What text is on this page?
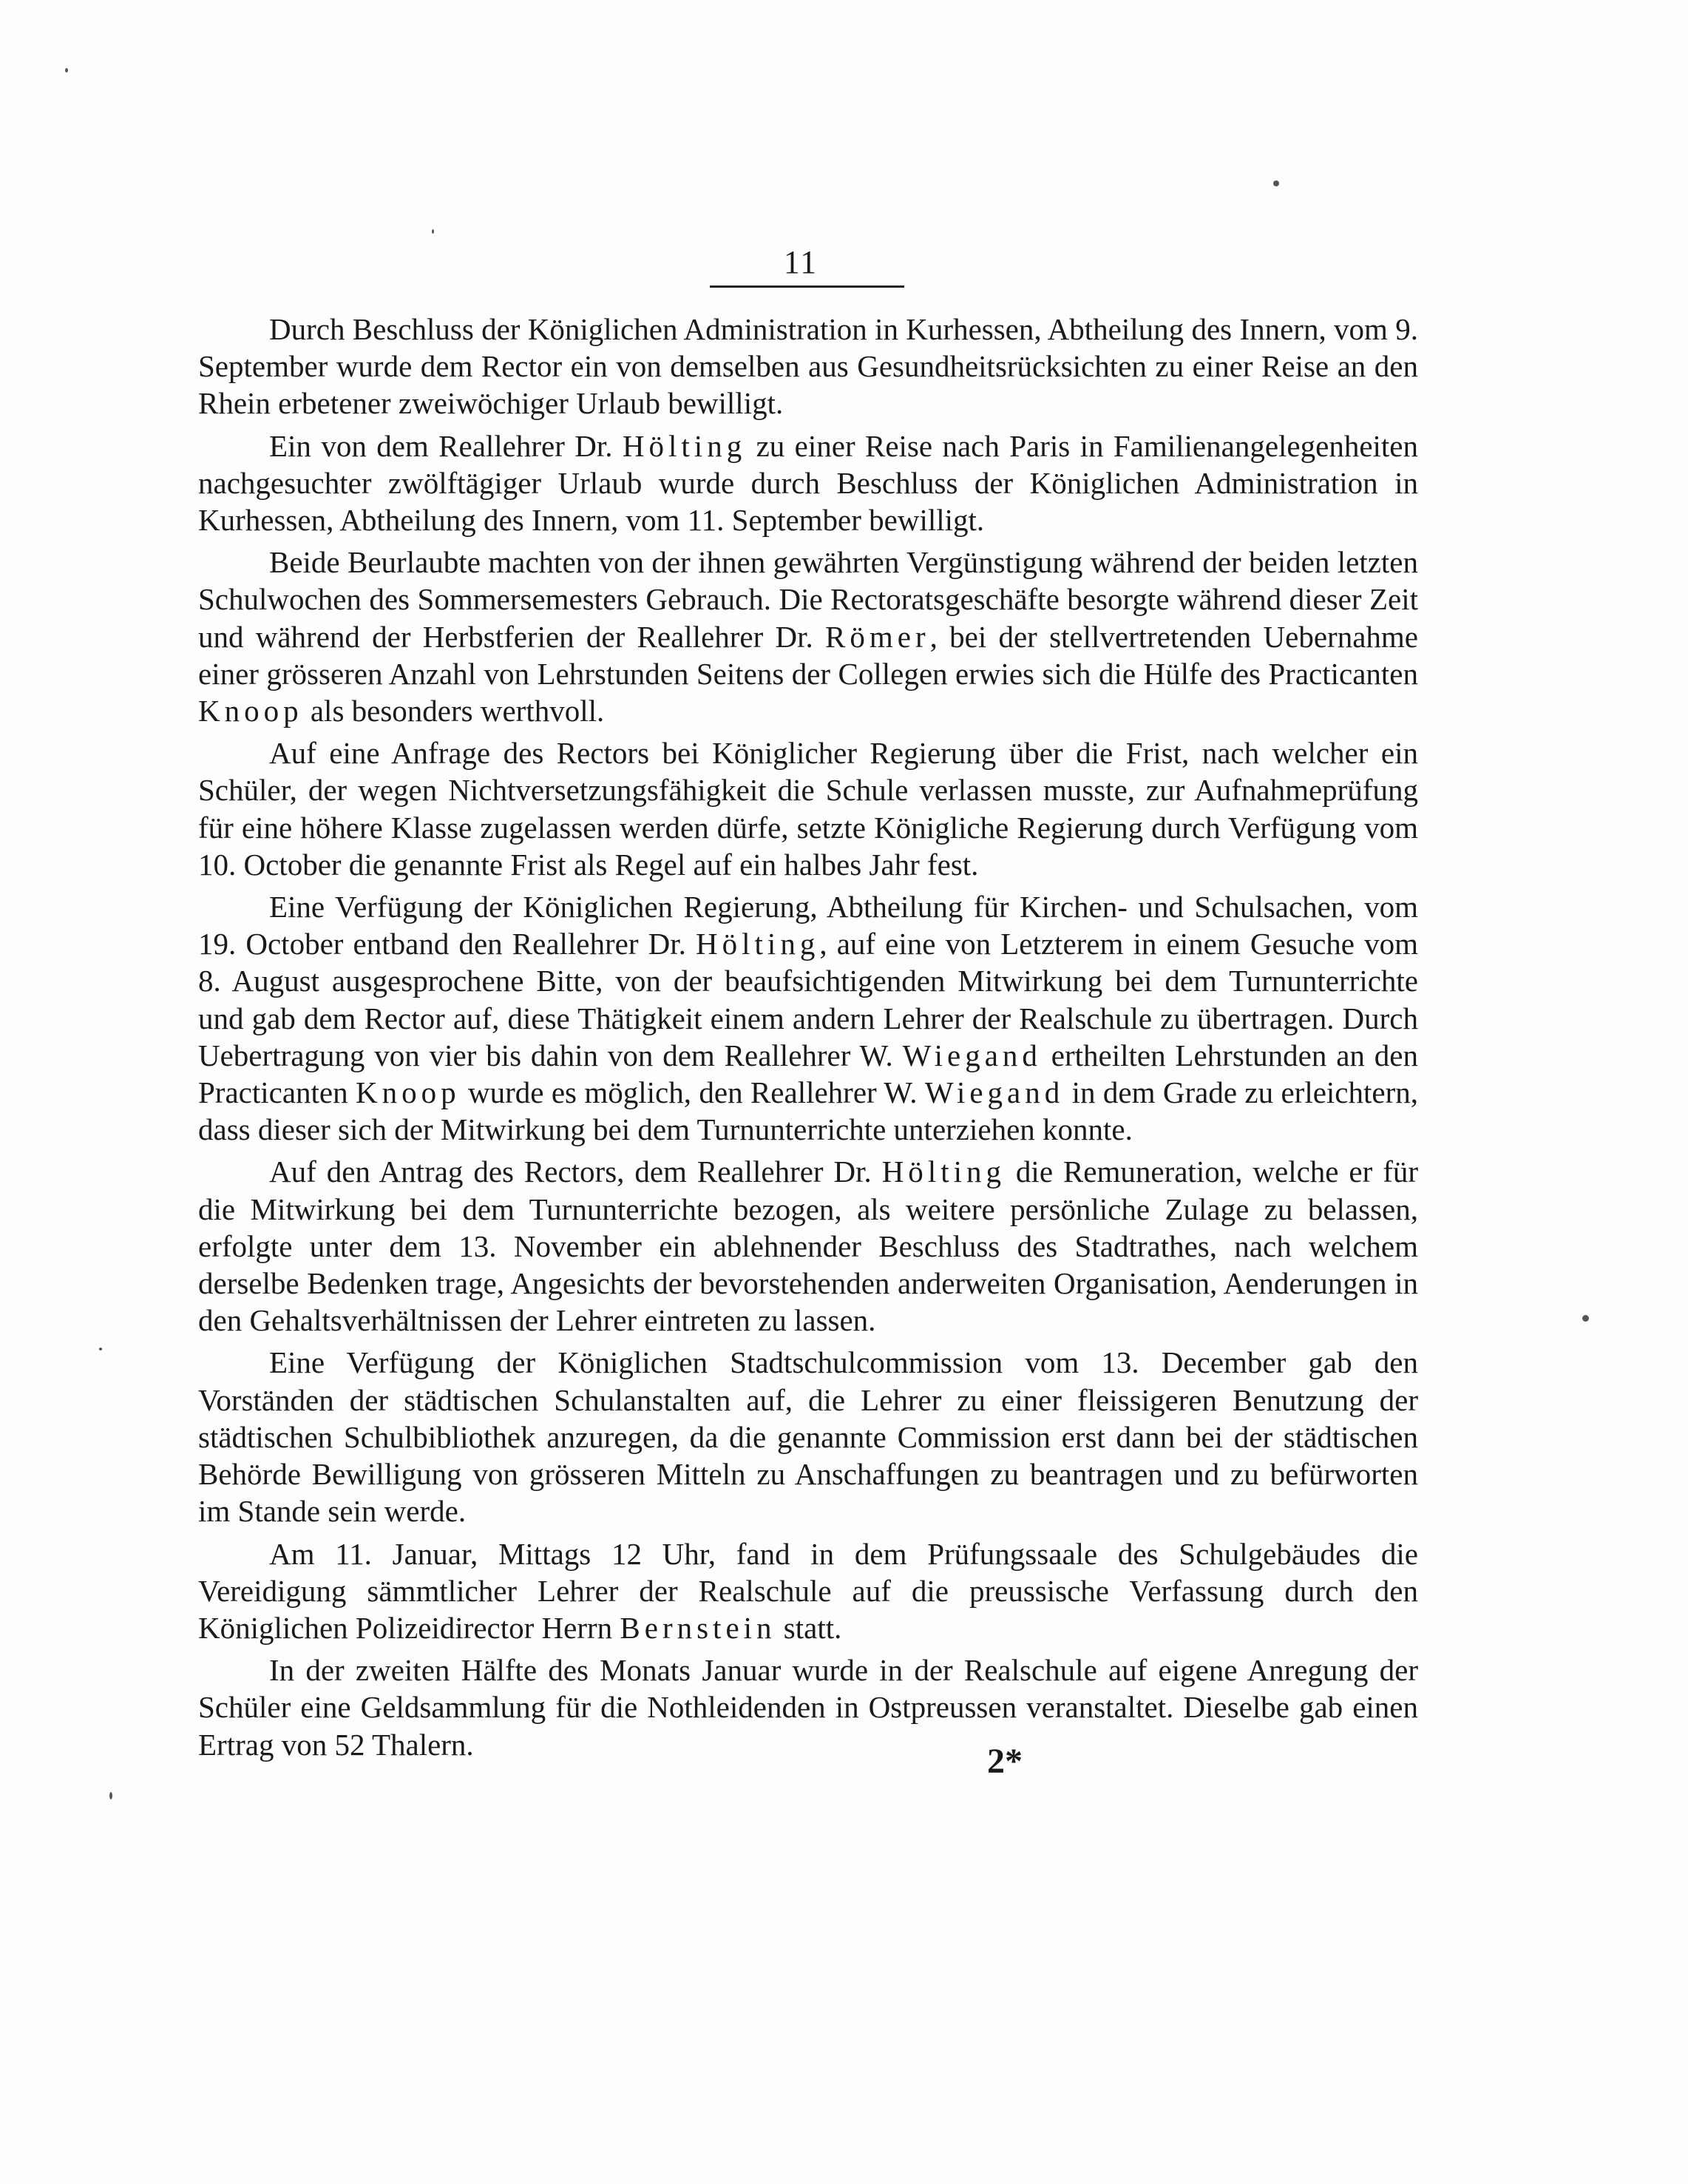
11

Durch Beschluss der Königlichen Administration in Kurhessen, Abtheilung des Innern, vom 9. September wurde dem Rector ein von demselben aus Gesundheitsrücksichten zu einer Reise an den Rhein erbetener zweiwöchiger Urlaub bewilligt.

Ein von dem Reallehrer Dr. Hölting zu einer Reise nach Paris in Familienangelegenheiten nachgesuchter zwölftägiger Urlaub wurde durch Beschluss der Königlichen Administration in Kurhessen, Abtheilung des Innern, vom 11. September bewilligt.

Beide Beurlaubte machten von der ihnen gewährten Vergünstigung während der beiden letzten Schulwochen des Sommersemesters Gebrauch. Die Rectoratsgeschäfte besorgte während dieser Zeit und während der Herbstferien der Reallehrer Dr. Römer, bei der stellvertretenden Uebernahme einer grösseren Anzahl von Lehrstunden Seitens der Collegen erwies sich die Hülfe des Practicanten Knoop als besonders werthvoll.

Auf eine Anfrage des Rectors bei Königlicher Regierung über die Frist, nach welcher ein Schüler, der wegen Nichtversetzungsfähigkeit die Schule verlassen musste, zur Aufnahmeprüfung für eine höhere Klasse zugelassen werden dürfe, setzte Königliche Regierung durch Verfügung vom 10. October die genannte Frist als Regel auf ein halbes Jahr fest.

Eine Verfügung der Königlichen Regierung, Abtheilung für Kirchen- und Schulsachen, vom 19. October entband den Reallehrer Dr. Hölting, auf eine von Letzterem in einem Gesuche vom 8. August ausgesprochene Bitte, von der beaufsichtigenden Mitwirkung bei dem Turnunterrichte und gab dem Rector auf, diese Thätigkeit einem andern Lehrer der Realschule zu übertragen. Durch Uebertragung von vier bis dahin von dem Reallehrer W. Wiegand ertheilten Lehrstunden an den Practicanten Knoop wurde es möglich, den Reallehrer W. Wiegand in dem Grade zu erleichtern, dass dieser sich der Mitwirkung bei dem Turnunterrichte unterziehen konnte.

Auf den Antrag des Rectors, dem Reallehrer Dr. Hölting die Remuneration, welche er für die Mitwirkung bei dem Turnunterrichte bezogen, als weitere persönliche Zulage zu belassen, erfolgte unter dem 13. November ein ablehnender Beschluss des Stadtrathes, nach welchem derselbe Bedenken trage, Angesichts der bevorstehenden anderweiten Organisation, Aenderungen in den Gehaltsverhältnissen der Lehrer eintreten zu lassen.

Eine Verfügung der Königlichen Stadtschulcommission vom 13. December gab den Vorständen der städtischen Schulanstalten auf, die Lehrer zu einer fleissigeren Benutzung der städtischen Schulbibliothek anzuregen, da die genannte Commission erst dann bei der städtischen Behörde Bewilligung von grösseren Mitteln zu Anschaffungen zu beantragen und zu befürworten im Stande sein werde.

Am 11. Januar, Mittags 12 Uhr, fand in dem Prüfungssaale des Schulgebäudes die Vereidigung sämmtlicher Lehrer der Realschule auf die preussische Verfassung durch den Königlichen Polizeidirector Herrn Bernstein statt.

In der zweiten Hälfte des Monats Januar wurde in der Realschule auf eigene Anregung der Schüler eine Geldsammlung für die Nothleidenden in Ostpreussen veranstaltet. Dieselbe gab einen Ertrag von 52 Thalern.	2*
